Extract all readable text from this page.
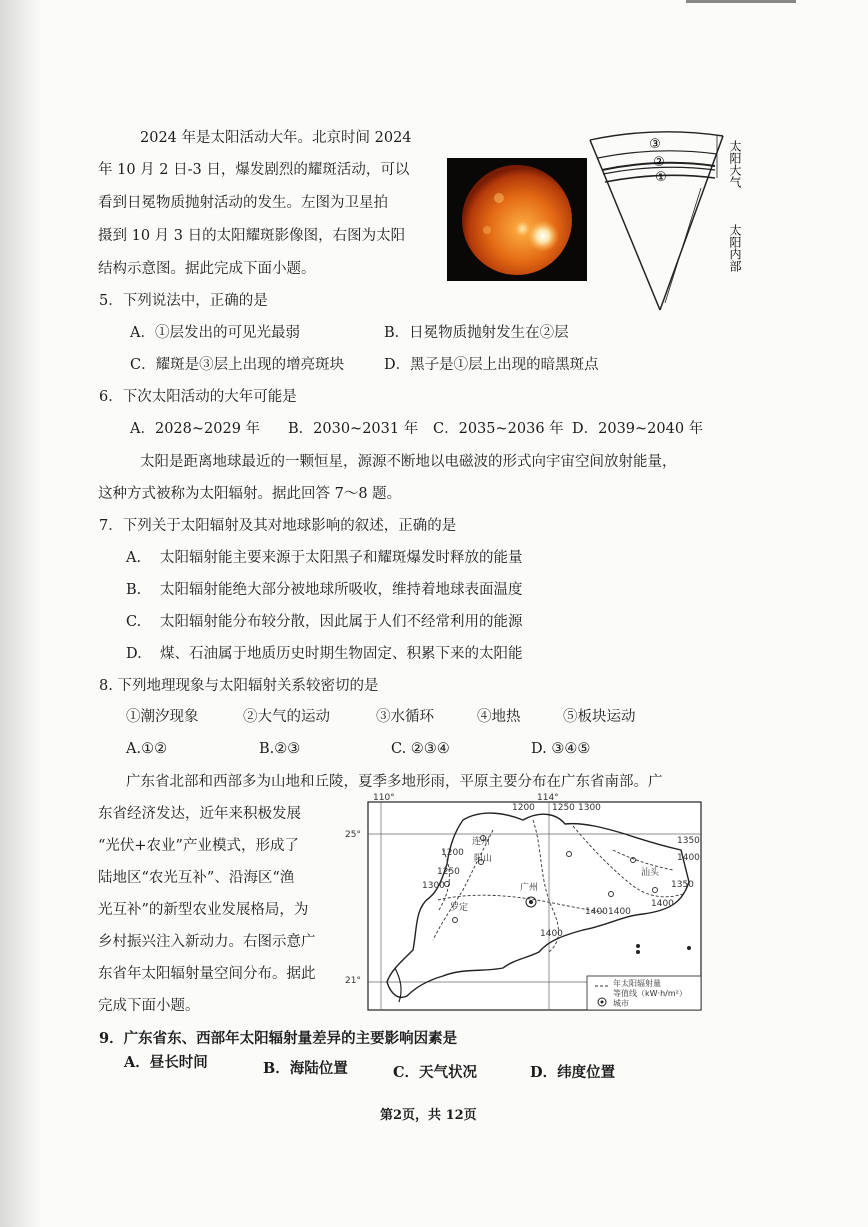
2024 年是太阳活动大年。北京时间 2024
年 10 月 2 日-3 日，爆发剧烈的耀斑活动，可以
看到日冕物质抛射活动的发生。左图为卫星拍
摄到 10 月 3 日的太阳耀斑影像图，右图为太阳
结构示意图。据此完成下面小题。
③
②
①	太阳大气
太阳内部
5．下列说法中，正确的是
A．①层发出的可见光最弱	B．日冕物质抛射发生在②层
C．耀斑是③层上出现的增亮斑块	D．黑子是①层上出现的暗黑斑点
6．下次太阳活动的大年可能是
A．2028~2029 年 B．2030~2031 年 C．2035~2036 年 D．2039~2040 年
太阳是距离地球最近的一颗恒星，源源不断地以电磁波的形式向宇宙空间放射能量，
这种方式被称为太阳辐射。据此回答 7～8 题。
7．下列关于太阳辐射及其对地球影响的叙述，正确的是
A. 太阳辐射能主要来源于太阳黑子和耀斑爆发时释放的能量
B. 太阳辐射能绝大部分被地球所吸收，维持着地球表面温度
C. 太阳辐射能分布较分散，因此属于人们不经常利用的能源
D. 煤、石油属于地质历史时期生物固定、积累下来的太阳能
8. 下列地理现象与太阳辐射关系较密切的是
①潮汐现象	②大气的运动	③水循环	④地热	⑤板块运动
A.①②	B.②③	C. ②③④	D. ③④⑤
广东省北部和西部多为山地和丘陵，夏季多地形雨，平原主要分布在广东省南部。广
东省经济发达，近年来积极发展
“光伏+农业”产业模式，形成了
陆地区“农光互补”、沿海区“渔
光互补”的新型农业发展格局，为
乡村振兴注入新动力。右图示意广
东省年太阳辐射量空间分布。据此
完成下面小题。
110°	114°
25°
21°
1200 1250 1300
1350
1400
1200
1250
1300	1350
1400
1400
1400
1400
连州
阳山
广州
罗定
汕头
年太阳辐射量
等值线（kW·h/m²）
城市
9．广东省东、西部年太阳辐射量差异的主要影响因素是
A．昼长时间	B．海陆位置	C．天气状况	D．纬度位置
第2页，共 12页
